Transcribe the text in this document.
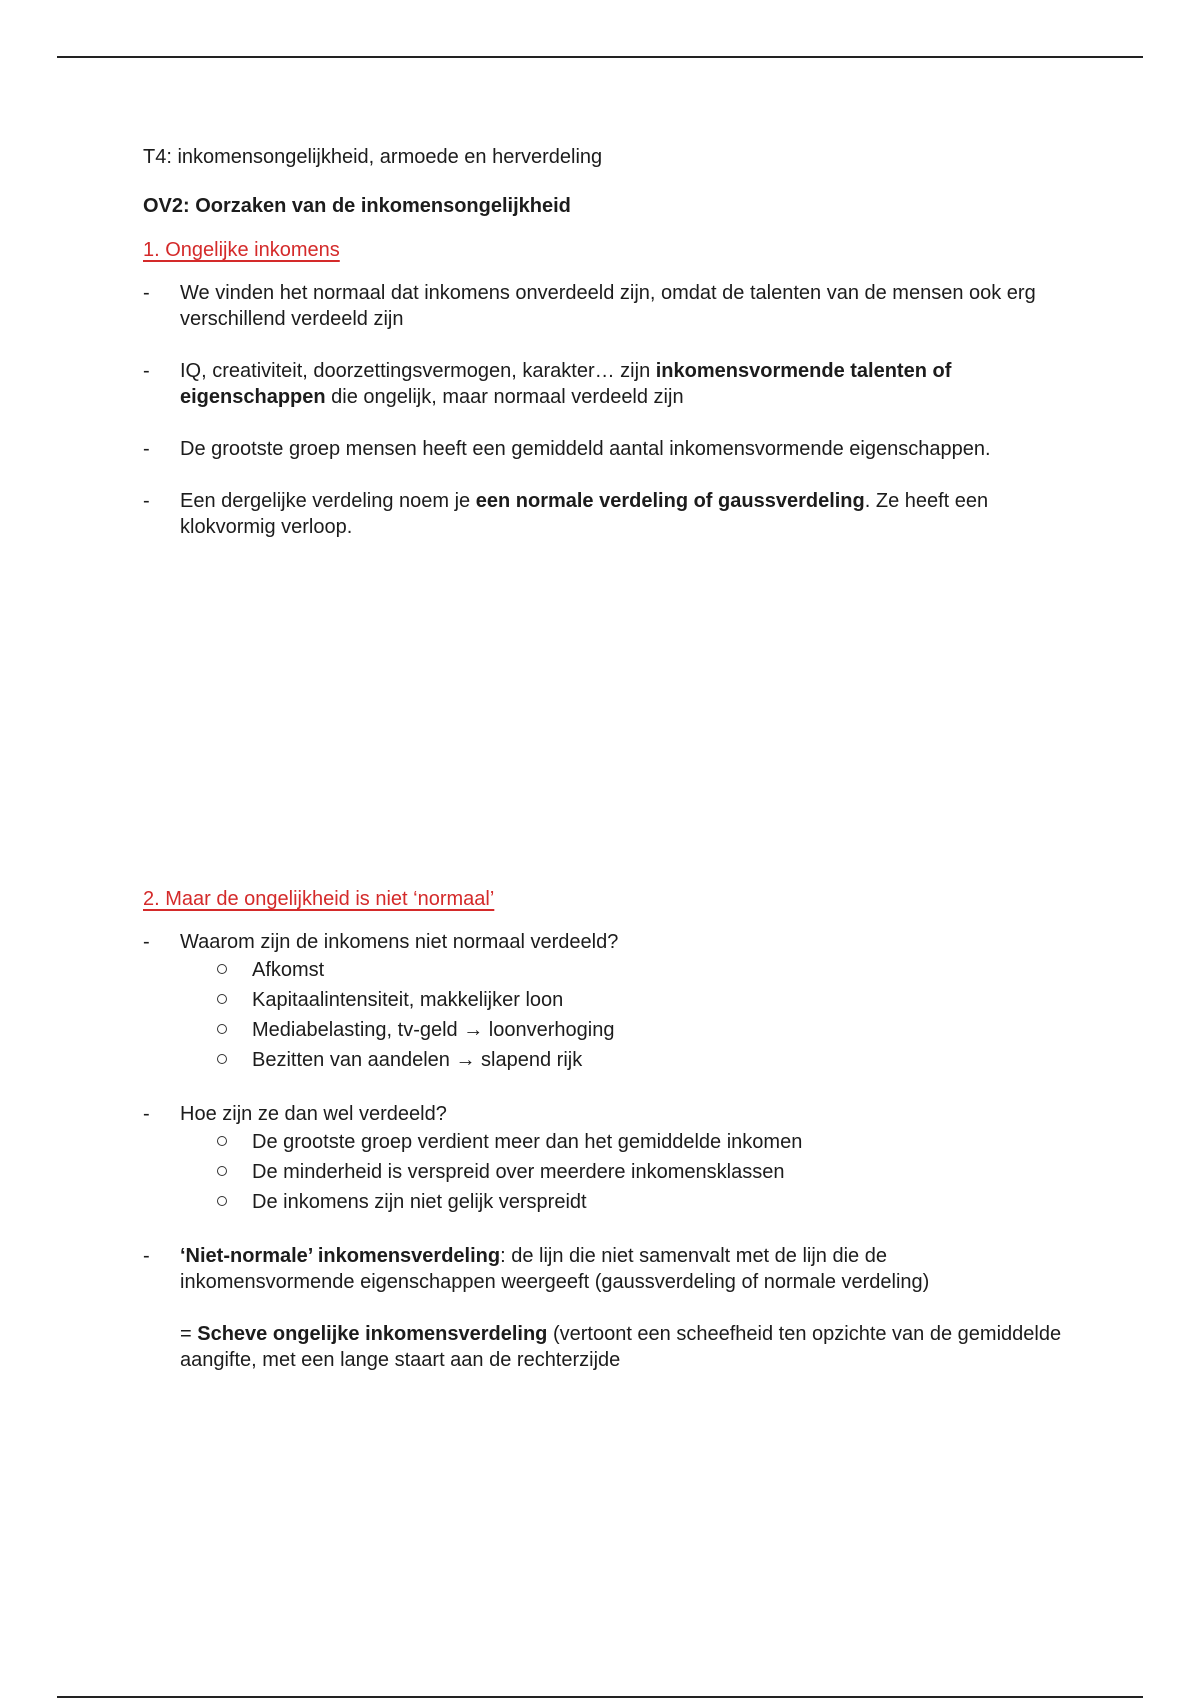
T4: inkomensongelijkheid, armoede en herverdeling

OV2: Oorzaken van de inkomensongelijkheid

1. Ongelijke inkomens

- We vinden het normaal dat inkomens onverdeeld zijn, omdat de talenten van de mensen ook erg verschillend verdeeld zijn
- IQ, creativiteit, doorzettingsvermogen, karakter… zijn inkomensvormende talenten of eigenschappen die ongelijk, maar normaal verdeeld zijn
- De grootste groep mensen heeft een gemiddeld aantal inkomensvormende eigenschappen.
- Een dergelijke verdeling noem je een normale verdeling of gaussverdeling. Ze heeft een klokvormig verloop.

2. Maar de ongelijkheid is niet ‘normaal’

- Waarom zijn de inkomens niet normaal verdeeld?
Afkomst
Kapitaalintensiteit, makkelijker loon
Mediabelasting, tv-geld → loonverhoging
Bezitten van aandelen → slapend rijk
- Hoe zijn ze dan wel verdeeld?
De grootste groep verdient meer dan het gemiddelde inkomen
De minderheid is verspreid over meerdere inkomensklassen
De inkomens zijn niet gelijk verspreidt
- ‘Niet-normale’ inkomensverdeling: de lijn die niet samenvalt met de lijn die de inkomensvormende eigenschappen weergeeft (gaussverdeling of normale verdeling)

= Scheve ongelijke inkomensverdeling (vertoont een scheefheid ten opzichte van de gemiddelde aangifte, met een lange staart aan de rechterzijde
